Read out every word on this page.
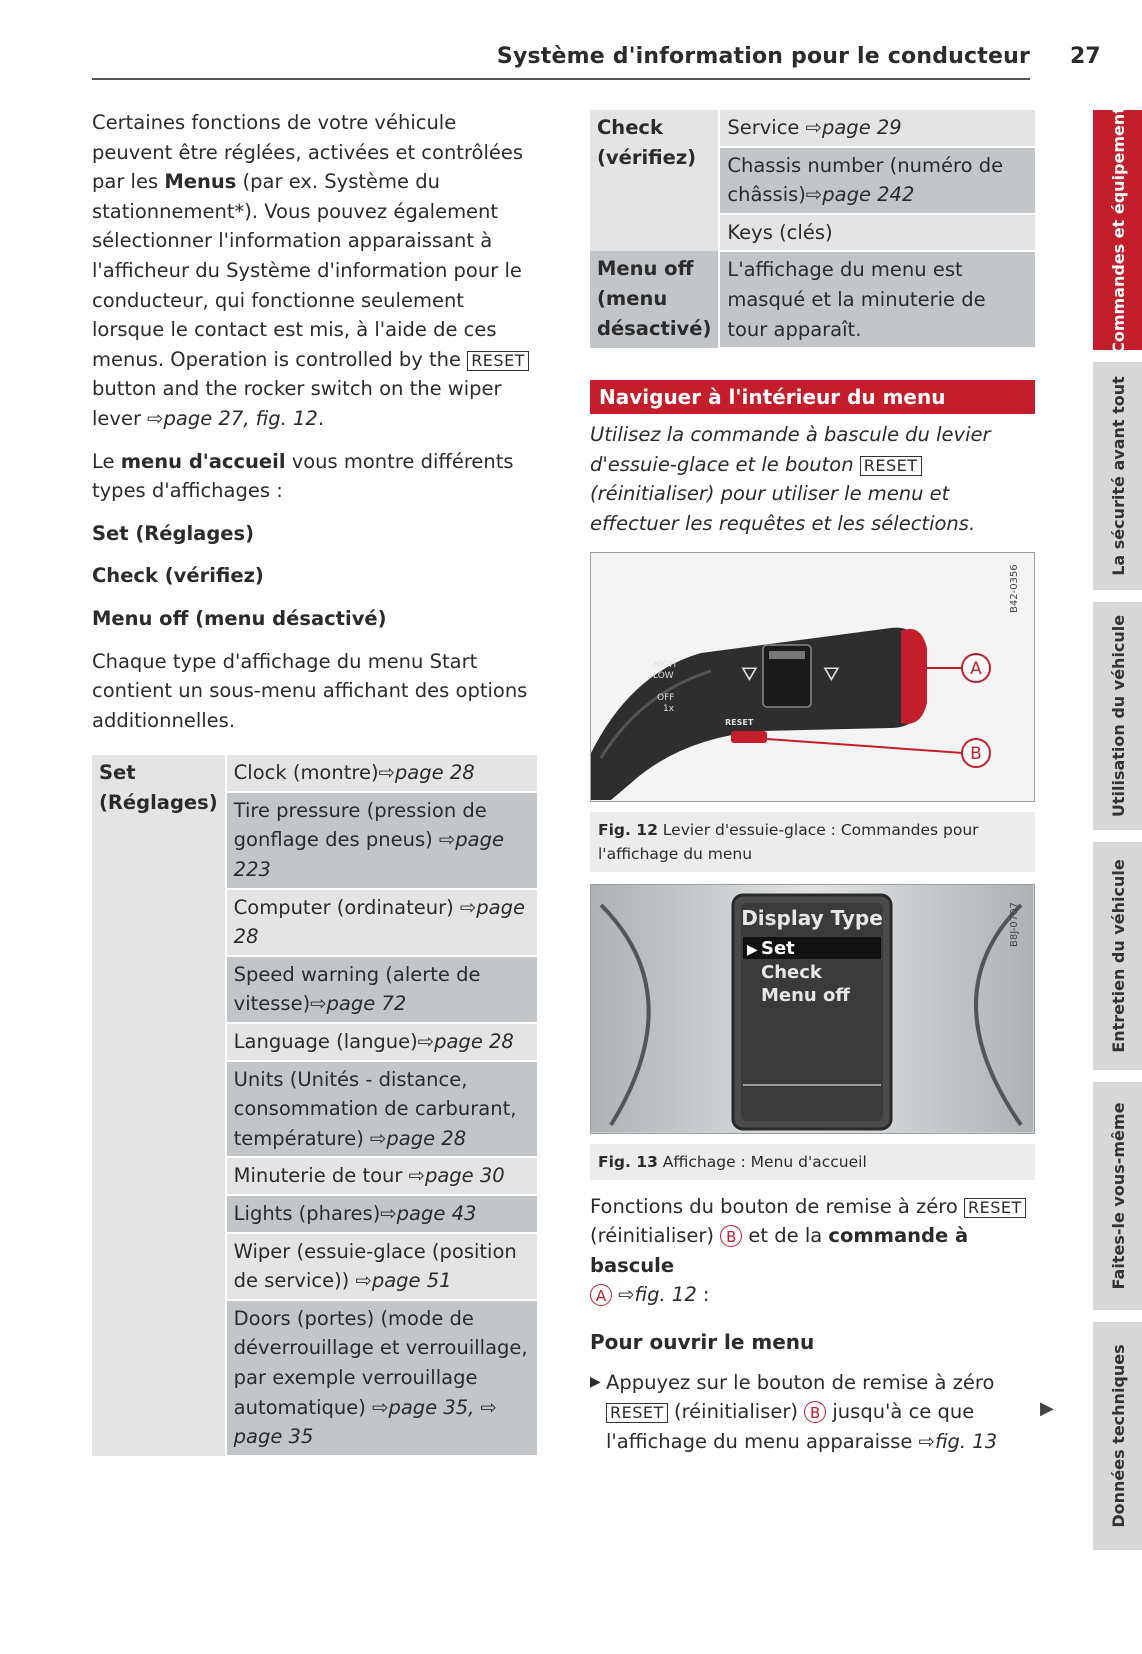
Système d'information pour le conducteur 27

Certaines fonctions de votre véhicule peuvent être réglées, activées et contrôlées par les Menus (par ex. Système du stationnement*). Vous pouvez également sélectionner l'information apparaissant à l'afficheur du Système d'information pour le conducteur, qui fonctionne seulement lorsque le contact est mis, à l'aide de ces menus. Operation is controlled by the RESET button and the rocker switch on the wiper lever ⇨page 27, fig. 12.

Le menu d'accueil vous montre différents types d'affichages :

Set (Réglages)

Check (vérifiez)

Menu off (menu désactivé)

Chaque type d'affichage du menu Start contient un sous-menu affichant des options additionnelles.

Set (Réglages)	Clock (montre)⇨page 28
Tire pressure (pression de gonflage des pneus) ⇨page 223
Computer (ordinateur) ⇨page 28
Speed warning (alerte de vitesse)⇨page 72
Language (langue)⇨page 28
Units (Unités - distance, consommation de carburant, température) ⇨page 28
Minuterie de tour ⇨page 30
Lights (phares)⇨page 43
Wiper (essuie-glace (position de service)) ⇨page 51
Doors (portes) (mode de déverrouillage et verrouillage, par exemple verrouillage automatique) ⇨page 35, ⇨ page 35
Check (vérifiez)	Service ⇨page 29
	Chassis number (numéro de châssis)⇨page 242
	Keys (clés)
Menu off (menu désactivé)	L'affichage du menu est masqué et la minuterie de tour apparaît.
Naviguer à l'intérieur du menu

Utilisez la commande à bascule du levier d'essuie-glace et le bouton RESET (réinitialiser) pour utiliser le menu et effectuer les requêtes et les sélections.

⛛	⛛
HIGH
LOW
OFF
1x
RESET
A
B
B42-0356
Fig. 12 Levier d'essuie-glace : Commandes pour l'affichage du menu
Display Type
▶ Set
Check
Menu off
B8J-0707
Fig. 13 Affichage : Menu d'accueil

Fonctions du bouton de remise à zéro RESET
(réinitialiser) B et de la commande à bascule
A ⇨fig. 12 :

Pour ouvrir le menu

▶ Appuyez sur le bouton de remise à zéro RESET (réinitialiser) B jusqu'à ce que l'affichage du menu apparaisse ⇨fig. 13

▶
Commandes et équipement
La sécurité avant tout
Utilisation du véhicule
Entretien du véhicule
Faites-le vous-même
Données techniques
